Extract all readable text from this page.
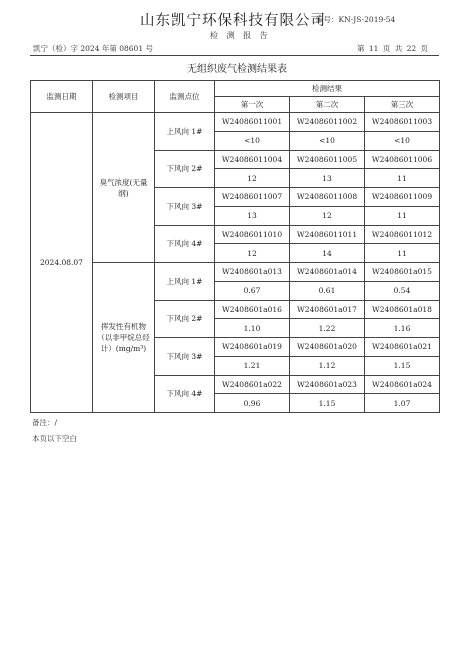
山东凯宁环保科技有限公司
编号：KN-JS-2019-54
检 测 报 告
凯宁（检）字 2024 年第 08601 号	第 11 页 共 22 页
无组织废气检测结果表
监测日期	检测项目	监测点位	检测结果		
			第一次	第二次	第三次
2024.08.07	臭气浓度(无量纲)	上风向 1#	W24086011001	W24086011002	W24086011003
			<10	<10	<10
		下风向 2#	W24086011004	W24086011005	W24086011006
			12	13	11
		下风向 3#	W24086011007	W24086011008	W24086011009
			13	12	11
		下风向 4#	W24086011010	W24086011011	W24086011012
			12	14	11
	挥发性有机物（以非甲烷总烃计）(mg/m³)	上风向 1#	W2408601a013	W2408601a014	W2408601a015
			0.67	0.61	0.54
		下风向 2#	W2408601a016	W2408601a017	W2408601a018
			1.10	1.22	1.16
		下风向 3#	W2408601a019	W2408601a020	W2408601a021
			1.21	1.12	1.15
		下风向 4#	W2408601a022	W2408601a023	W2408601a024
			0.96	1.15	1.07
备注：/
本页以下空白
